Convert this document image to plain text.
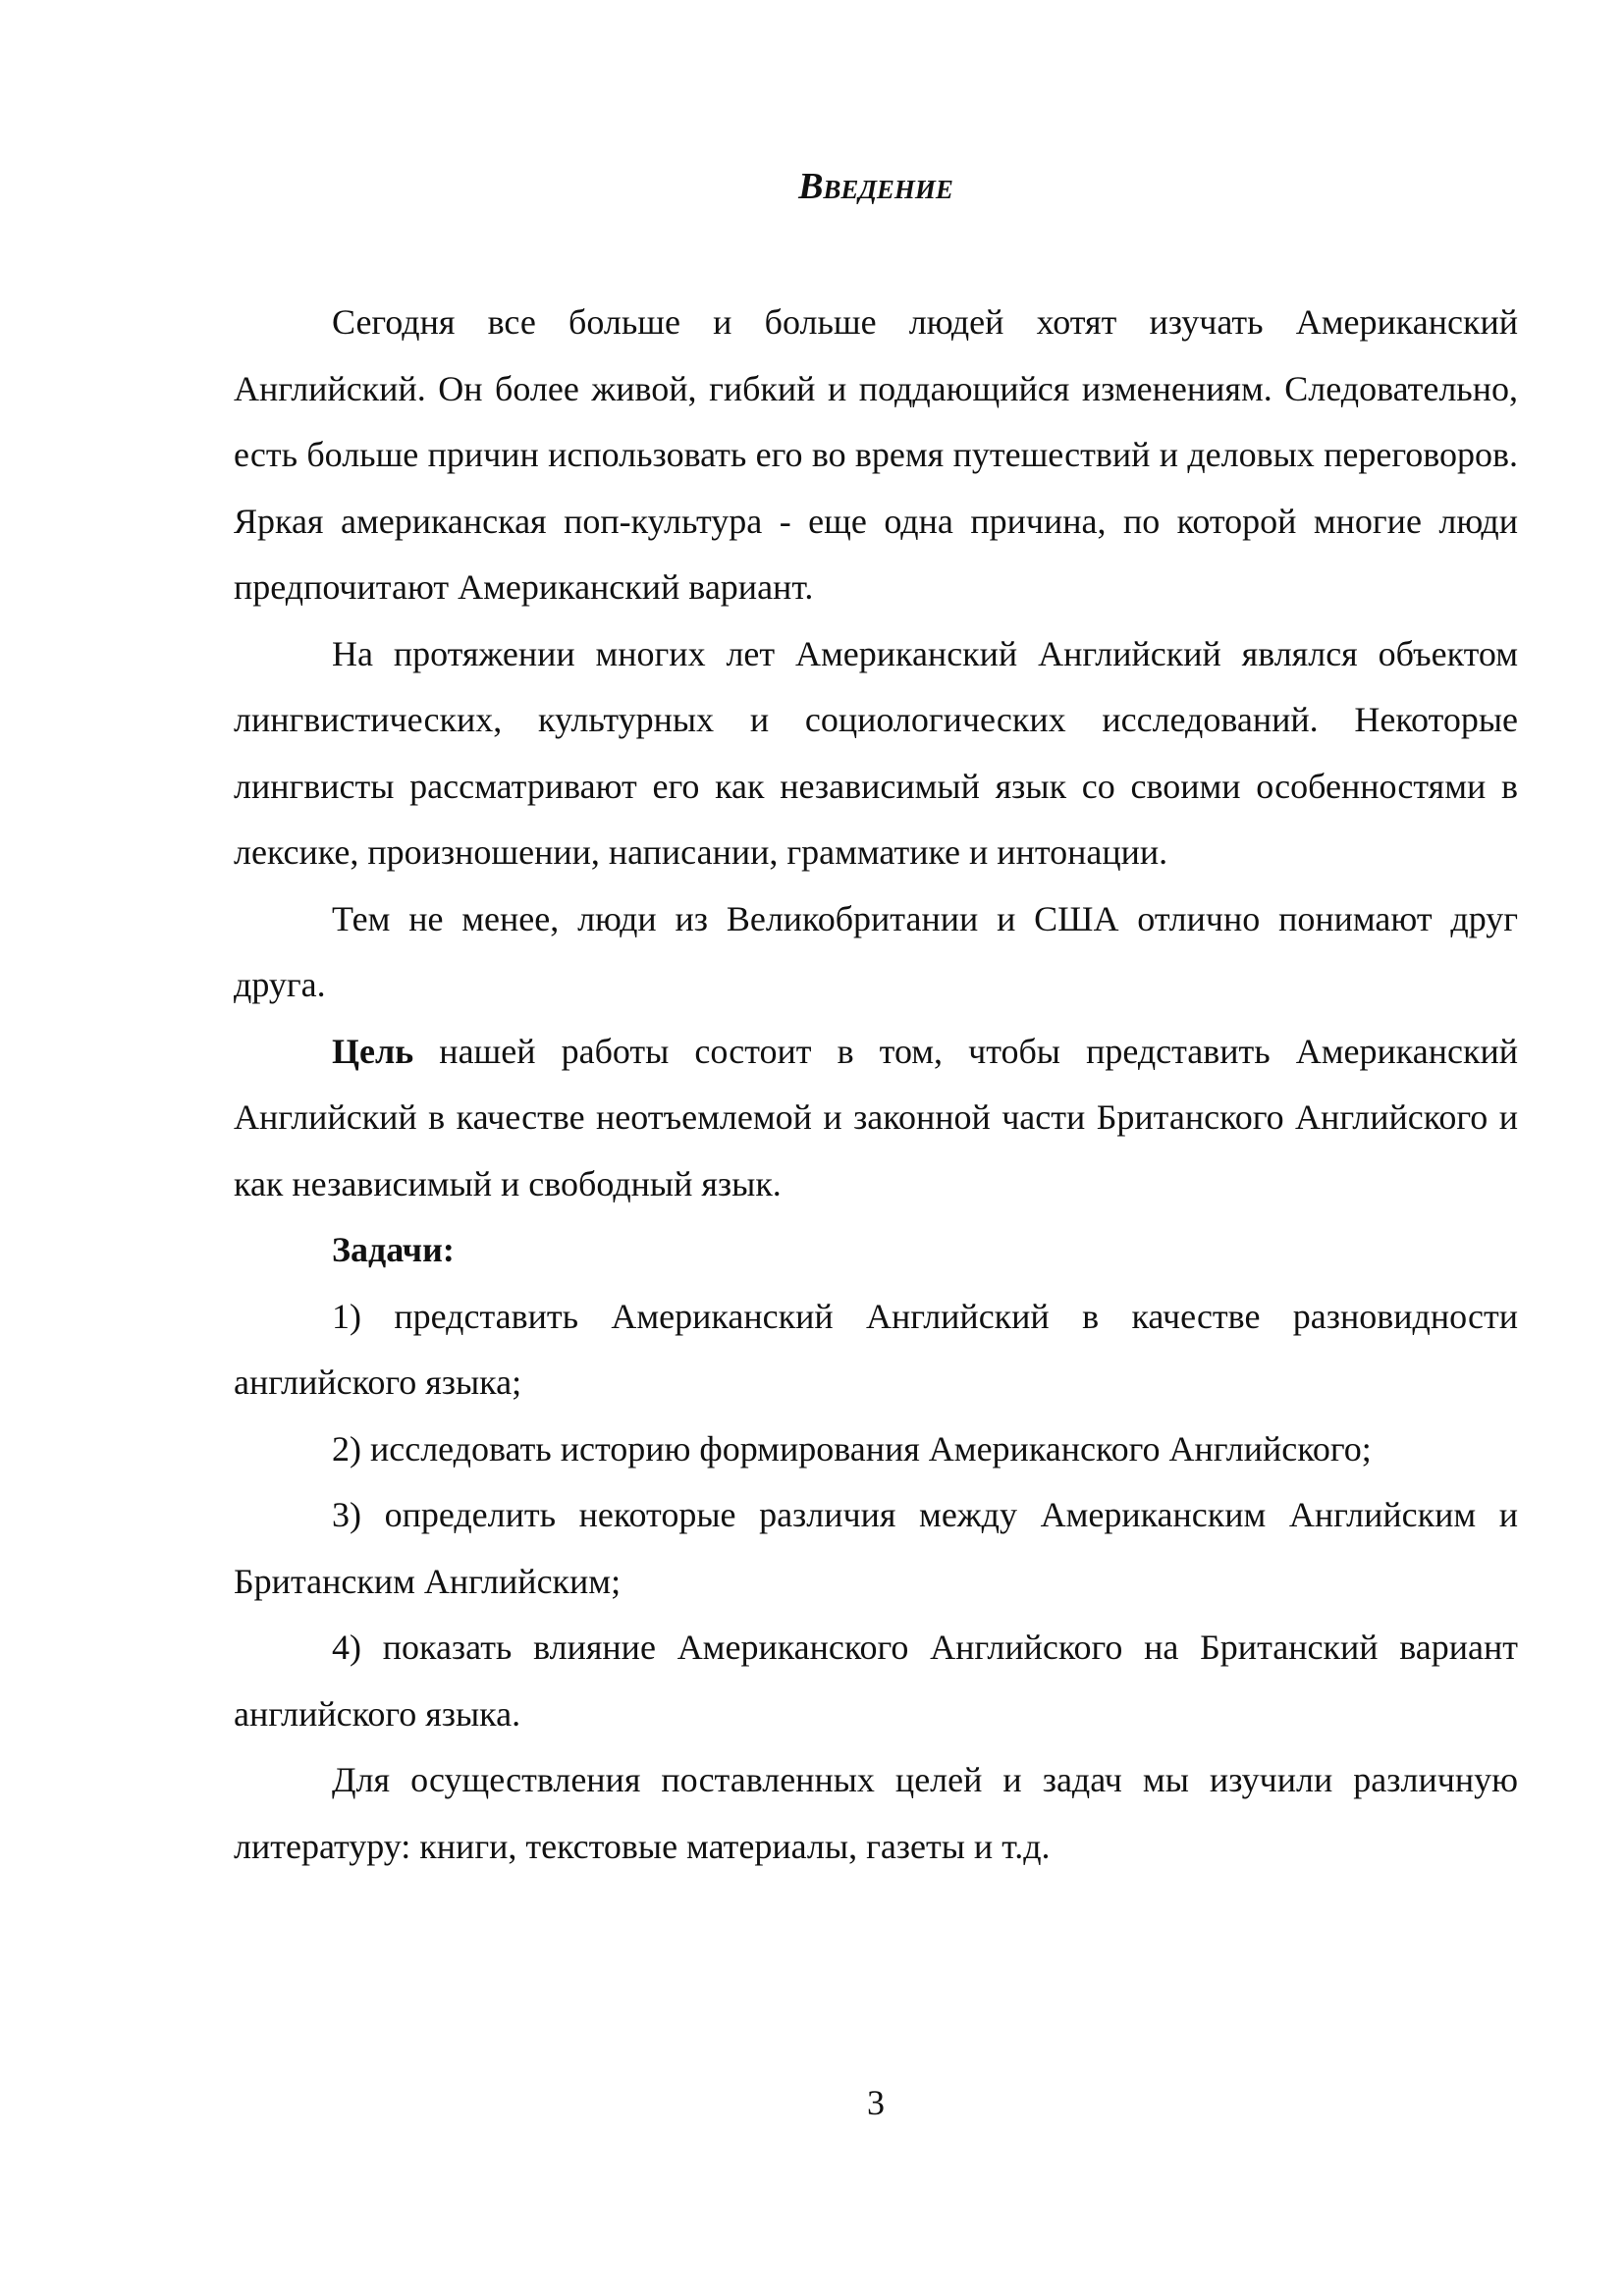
Введение

Сегодня все больше и больше людей хотят изучать Американский Английский. Он более живой, гибкий и поддающийся изменениям. Следовательно, есть больше причин использовать его во время путешествий и деловых переговоров. Яркая американская поп-культура - еще одна причина, по которой многие люди предпочитают Американский вариант.

На протяжении многих лет Американский Английский являлся объектом лингвистических, культурных и социологических исследований. Некоторые лингвисты рассматривают его как независимый язык со своими особенностями в лексике, произношении, написании, грамматике и интонации.

Тем не менее, люди из Великобритании и США отлично понимают друг друга.

Цель нашей работы состоит в том, чтобы представить Американский Английский в качестве неотъемлемой и законной части Британского Английского и как независимый и свободный язык.

Задачи:

1) представить Американский Английский в качестве разновидности английского языка;

2) исследовать историю формирования Американского Английского;

3) определить некоторые различия между Американским Английским и Британским Английским;

4) показать влияние Американского Английского на Британский вариант английского языка.

Для осуществления поставленных целей и задач мы изучили различную литературу: книги, текстовые материалы, газеты и т.д.

3
